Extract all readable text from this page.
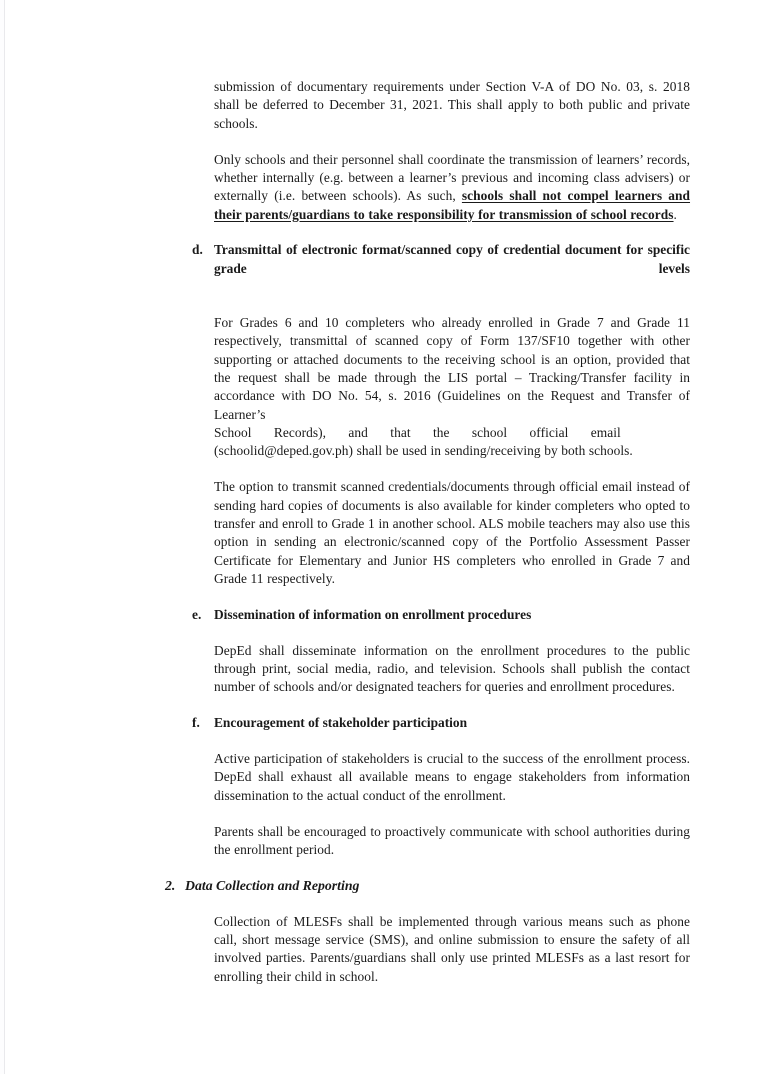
submission of documentary requirements under Section V-A of DO No. 03, s. 2018 shall be deferred to December 31, 2021. This shall apply to both public and private schools.

Only schools and their personnel shall coordinate the transmission of learners’ records, whether internally (e.g. between a learner’s previous and incoming class advisers) or externally (i.e. between schools). As such, schools shall not compel learners and their parents/guardians to take responsibility for transmission of school records.

d. Transmittal of electronic format/scanned copy of credential document for specific grade levels

For Grades 6 and 10 completers who already enrolled in Grade 7 and Grade 11 respectively, transmittal of scanned copy of Form 137/SF10 together with other supporting or attached documents to the receiving school is an option, provided that the request shall be made through the LIS portal – Tracking/Transfer facility in accordance with DO No. 54, s. 2016 (Guidelines on the Request and Transfer of Learner’s
School Records), and that the school official email
(schoolid@deped.gov.ph) shall be used in sending/receiving by both schools.

The option to transmit scanned credentials/documents through official email instead of sending hard copies of documents is also available for kinder completers who opted to transfer and enroll to Grade 1 in another school. ALS mobile teachers may also use this option in sending an electronic/scanned copy of the Portfolio Assessment Passer Certificate for Elementary and Junior HS completers who enrolled in Grade 7 and Grade 11 respectively.

e. Dissemination of information on enrollment procedures

DepEd shall disseminate information on the enrollment procedures to the public through print, social media, radio, and television. Schools shall publish the contact number of schools and/or designated teachers for queries and enrollment procedures.

f.	Encouragement of stakeholder participation

Active participation of stakeholders is crucial to the success of the enrollment process. DepEd shall exhaust all available means to engage stakeholders from information dissemination to the actual conduct of the enrollment.

Parents shall be encouraged to proactively communicate with school authorities during the enrollment period.

2. Data Collection and Reporting

Collection of MLESFs shall be implemented through various means such as phone call, short message service (SMS), and online submission to ensure the safety of all involved parties. Parents/guardians shall only use printed MLESFs as a last resort for enrolling their child in school.
